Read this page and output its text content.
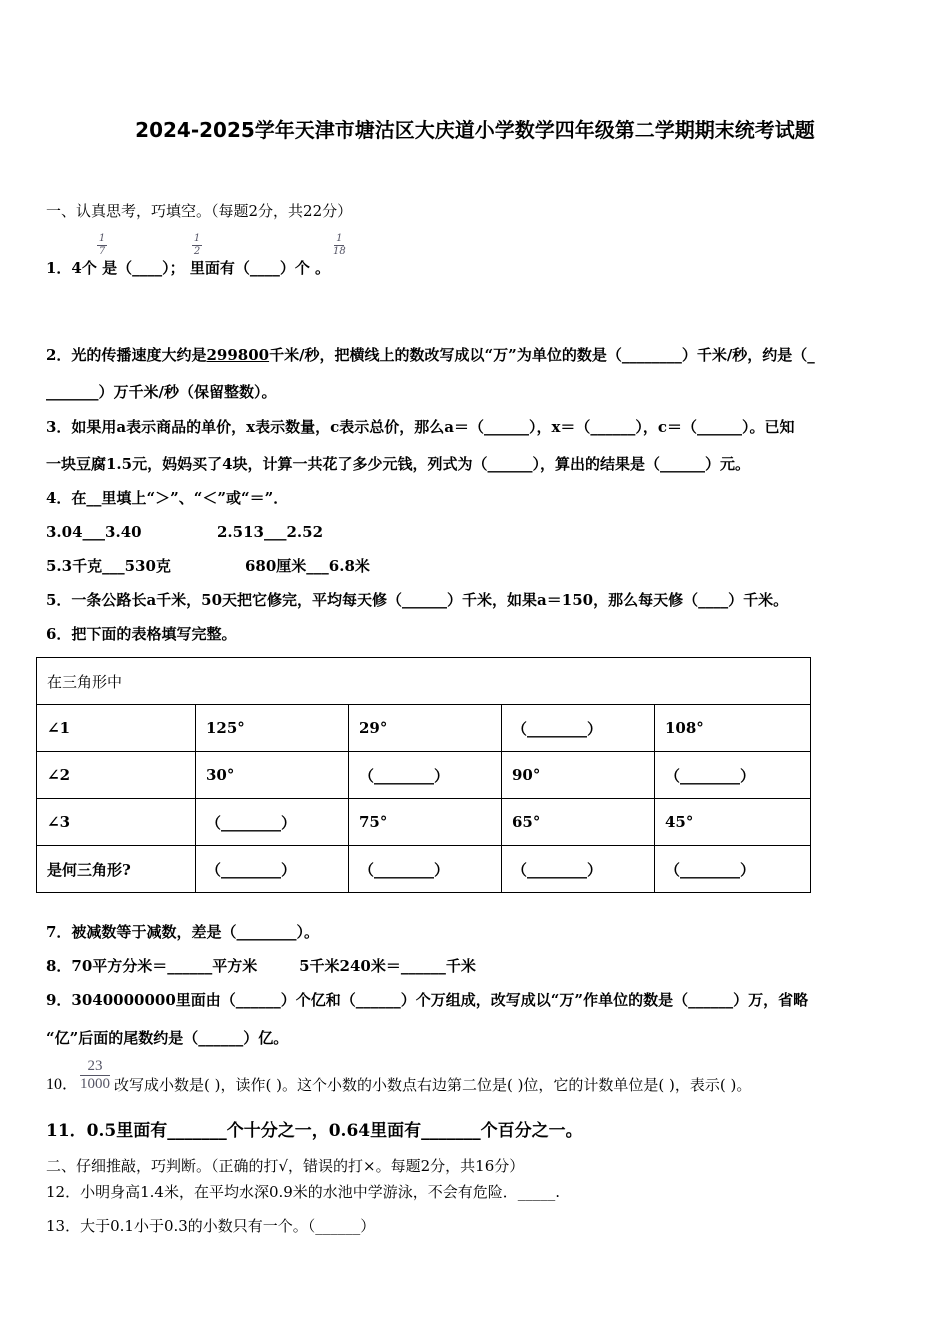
2024-2025学年天津市塘沽区大庆道小学数学四年级第二学期期末统考试题
一、认真思考，巧填空。（每题2分，共22分）
1
7
1
2
1
18
1．4个 是（____）； 里面有（____）个 。
2．光的传播速度大约是299800千米/秒，把横线上的数改写成以“万”为单位的数是（________）千米/秒，约是（_
_______）万千米/秒（保留整数）。
3．如果用a表示商品的单价，x表示数量，c表示总价，那么a＝（______），x＝（______），c＝（______）。已知
一块豆腐1.5元，妈妈买了4块，计算一共花了多少元钱，列式为（______），算出的结果是（______）元。
4．在__里填上“＞”、“＜”或“＝”．
3.04___3.40	2.513___2.52
5.3千克___530克	680厘米___6.8米
5．一条公路长a千米，50天把它修完，平均每天修（______）千米，如果a＝150，那么每天修（____）千米。
6．把下面的表格填写完整。
在三角形中				
∠1	125°	29°	（________）	108°
∠2	30°	（________）	90°	（________）
∠3	（________）	75°	65°	45°
是何三角形?	（________）	（________）	（________）	（________）
7．被减数等于减数，差是（________）。
8．70平方分米＝______平方米        5千米240米＝______千米
9．3040000000里面由（______）个亿和（______）个万组成，改写成以“万”作单位的数是（______）万，省略
“亿”后面的尾数约是（______）亿。
10． $\frac{23}{1000}$ 改写成小数是( )，读作( )。这个小数的小数点右边第二位是( )位，它的计数单位是( )，表示( )。
11．0.5里面有_______个十分之一，0.64里面有_______个百分之一。
二、仔细推敲，巧判断。（正确的打√，错误的打×。每题2分，共16分）
12．小明身高1.4米，在平均水深0.9米的水池中学游泳，不会有危险．_____.
13．大于0.1小于0.3的小数只有一个。（______）
